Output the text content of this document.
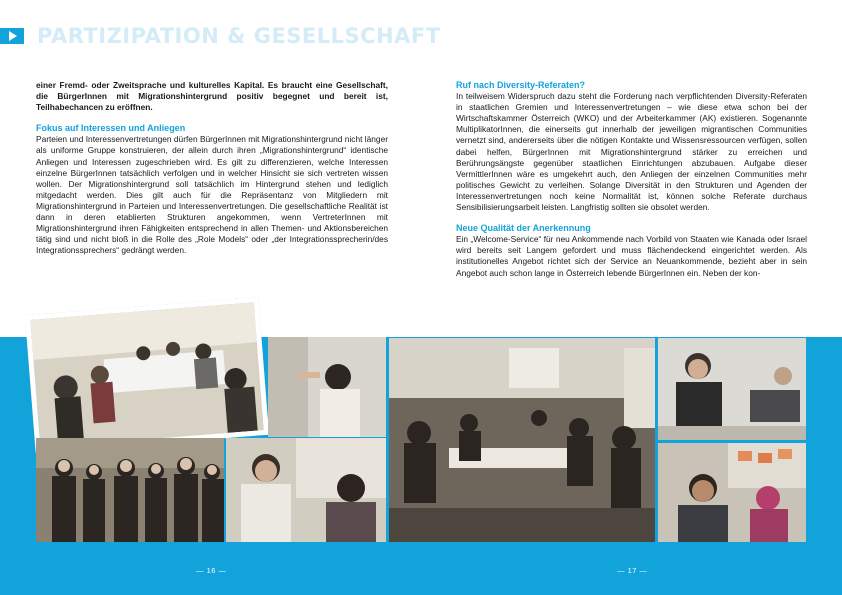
PARTIZIPATION & GESELLSCHAFT

einer Fremd- oder Zweitsprache und kulturelles Kapital. Es braucht eine Gesellschaft, die BürgerInnen mit Migrationshintergrund positiv begegnet und bereit ist, Teilhabechancen zu eröffnen.

Fokus auf Interessen und Anliegen

Parteien und Interessenvertretungen dürfen BürgerInnen mit Migrationshintergrund nicht länger als uniforme Gruppe konstruieren, der allein durch ihren „Migrationshintergrund“ identische Anliegen und Interessen zugeschrieben wird. Es gilt zu differenzieren, welche Interessen einzelne BürgerInnen tatsächlich verfolgen und in welcher Hinsicht sie sich vertreten wissen wollen. Der Migrationshintergrund soll tatsächlich im Hintergrund stehen und lediglich mitgedacht werden. Dies gilt auch für die Repräsentanz von Mitgliedern mit Migrationshintergrund in Parteien und Interessenvertretungen. Die gesellschaftliche Realität ist dann in deren etablierten Strukturen angekommen, wenn VertreterInnen mit Migrationshintergrund ihren Fähigkeiten entsprechend in allen Themen- und Aktionsbereichen tätig sind und nicht bloß in die Rolle des „Role Models“ oder „der Integrationssprecherin/des Integrationssprechers“ gedrängt werden.

Ruf nach Diversity-Referaten?

In teilweisem Widerspruch dazu steht die Forderung nach verpflichtenden Diversity-Referaten in staatlichen Gremien und Interessenvertretungen – wie diese etwa schon bei der Wirtschaftskammer Österreich (WKO) und der Arbeiterkammer (AK) existieren. Sogenannte MultiplikatorInnen, die einerseits gut innerhalb der jeweiligen migrantischen Communities vernetzt sind, andererseits über die nötigen Kontakte und Wissensressourcen verfügen, sollen dabei helfen, BürgerInnen mit Migrationshintergrund stärker zu erreichen und Berührungsängste gegenüber staatlichen Einrichtungen abzubauen. Aufgabe dieser VermittlerInnen wäre es umgekehrt auch, den Anliegen der einzelnen Communities mehr politisches Gewicht zu verleihen. Solange Diversität in den Strukturen und Agenden der Interessenvertretungen noch keine Normalität ist, können solche Referate durchaus Sensibilisierungsarbeit leisten. Langfristig sollten sie obsolet werden.

Neue Qualität der Anerkennung

Ein „Welcome-Service“ für neu Ankommende nach Vorbild von Staaten wie Kanada oder Israel wird bereits seit Langem gefordert und muss flächendeckend eingerichtet werden. Als institutionelles Angebot richtet sich der Service an Neuankommende, bezieht aber in sein Angebot auch schon lange in Österreich lebende BürgerInnen ein. Neben der kon-

— 16 —	— 17 —
